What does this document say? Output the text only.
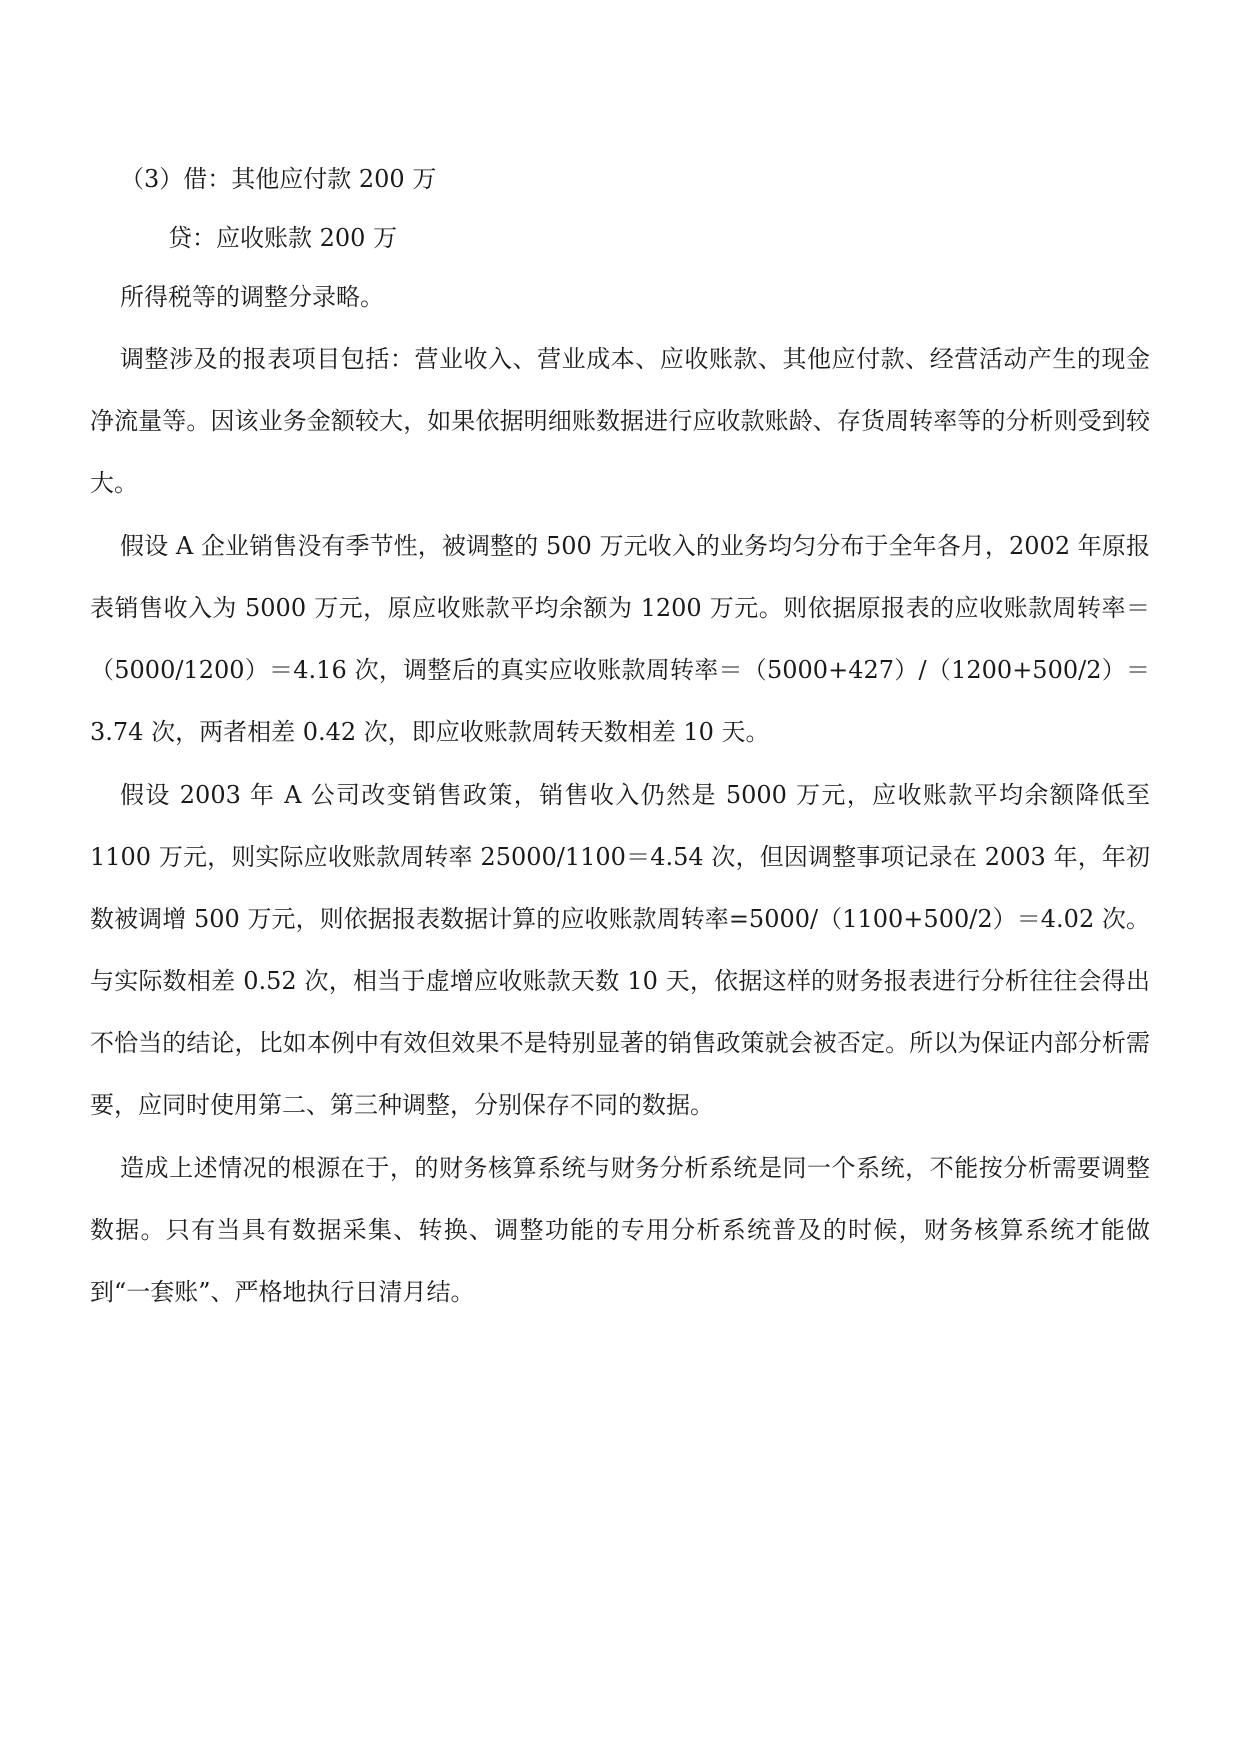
（3）借：其他应付款 200 万
贷：应收账款 200 万
所得税等的调整分录略。

调整涉及的报表项目包括：营业收入、营业成本、应收账款、其他应付款、经营活动产生的现金净流量等。因该业务金额较大，如果依据明细账数据进行应收款账龄、存货周转率等的分析则受到较大。

假设 A 企业销售没有季节性，被调整的 500 万元收入的业务均匀分布于全年各月，2002 年原报表销售收入为 5000 万元，原应收账款平均余额为 1200 万元。则依据原报表的应收账款周转率＝（5000/1200）＝4.16 次，调整后的真实应收账款周转率＝（5000+427）/（1200+500/2）＝3.74 次，两者相差 0.42 次，即应收账款周转天数相差 10 天。

假设 2003 年 A 公司改变销售政策，销售收入仍然是 5000 万元，应收账款平均余额降低至 1100 万元，则实际应收账款周转率 25000/1100＝4.54 次，但因调整事项记录在 2003 年，年初数被调增 500 万元，则依据报表数据计算的应收账款周转率=5000/（1100+500/2）＝4.02 次。与实际数相差 0.52 次，相当于虚增应收账款天数 10 天，依据这样的财务报表进行分析往往会得出不恰当的结论，比如本例中有效但效果不是特别显著的销售政策就会被否定。所以为保证内部分析需要，应同时使用第二、第三种调整，分别保存不同的数据。

造成上述情况的根源在于，的财务核算系统与财务分析系统是同一个系统，不能按分析需要调整数据。只有当具有数据采集、转换、调整功能的专用分析系统普及的时候，财务核算系统才能做到“一套账”、严格地执行日清月结。
